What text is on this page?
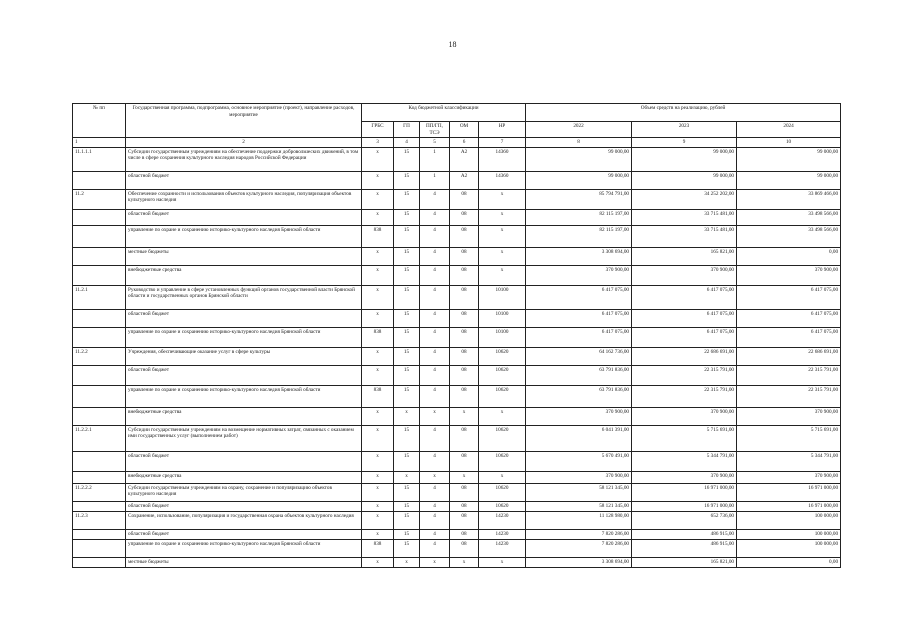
18
№ пп	Государственная программа, подпрограмма, основное мероприятие (проект), направление расходов, мероприятие	Код бюджетной классификации					Объем средств на реализацию, рублей		
		ГРБС	ГП	ПП/ГП, ТСЭ	ОМ	НР	2022	2023	2024
1	2	3	4	5	6	7	8	9	10
11.1.1.1	Субсидии государственным учреждениям на обеспечение поддержки добровольческих движений, в том числе в сфере сохранения культурного наследия народов Российской Федерации	х	15	1	А2	14360	99 000,00	99 000,00	99 000,00
	областной бюджет	х	15	1	А2	14360	99 000,00	99 000,00	99 000,00
11.2	Обеспечение сохранности и использования объектов культурного наследия, популяризация объектов культурного наследия	х	15	4	08	х	85 794 791,00	34 252 202,00	33 869 466,00
	областной бюджет	х	15	4	08	х	82 115 197,00	33 715 481,00	33 498 566,00
	управление по охране и сохранению историко-культурного наследия Брянской области	838	15	4	08	х	82 115 197,00	33 715 481,00	33 498 566,00
	местные бюджеты	х	15	4	08	х	3 308 694,00	165 821,00	0,00
	внебюджетные средства	х	15	4	08	х	370 900,00	370 900,00	370 900,00
11.2.1	Руководство и управление в сфере установленных функций органов государственной власти Брянской области и государственных органов Брянской области	х	15	4	08	10100	6 417 075,00	6 417 075,00	6 417 075,00
	областной бюджет	х	15	4	08	10100	6 417 075,00	6 417 075,00	6 417 075,00
	управление по охране и сохранению историко-культурного наследия Брянской области	838	15	4	08	10100	6 417 075,00	6 417 075,00	6 417 075,00
11.2.2	Учреждения, обеспечивающие оказание услуг в сфере культуры	х	15	4	08	10620	64 162 736,00	22 686 691,00	22 686 691,00
	областной бюджет	х	15	4	08	10620	63 791 836,00	22 315 791,00	22 315 791,00
	управление по охране и сохранению историко-культурного наследия Брянской области	838	15	4	08	10620	63 791 836,00	22 315 791,00	22 315 791,00
	внебюджетные средства	х	х	х	х	х	370 900,00	370 900,00	370 900,00
11.2.2.1	Субсидии государственным учреждениям на возмещение нормативных затрат, связанных с оказанием ими государственных услуг (выполнением работ)	х	15	4	08	10620	6 041 391,00	5 715 691,00	5 715 691,00
	областной бюджет	х	15	4	08	10620	5 670 491,00	5 344 791,00	5 344 791,00
	внебюджетные средства	х	х	х	х	х	370 900,00	370 900,00	370 900,00
11.2.2.2	Субсидии государственным учреждениям на охрану, сохранение и популяризацию объектов культурного наследия	х	15	4	08	10620	58 121 345,00	16 971 000,00	16 971 000,00
	областной бюджет	х	15	4	08	10620	58 121 345,00	16 971 000,00	16 971 000,00
11.2.3	Сохранение, использование, популяризация и государственная охрана объектов культурного наследия	х	15	4	08	14230	11 128 980,00	652 736,00	100 000,00
	областной бюджет	х	15	4	08	14230	7 820 286,00	486 915,00	100 000,00
	управление по охране и сохранению историко-культурного наследия Брянской области	838	15	4	08	14230	7 820 286,00	486 915,00	100 000,00
	местные бюджеты	х	х	х	х	х	3 308 694,00	165 821,00	0,00
